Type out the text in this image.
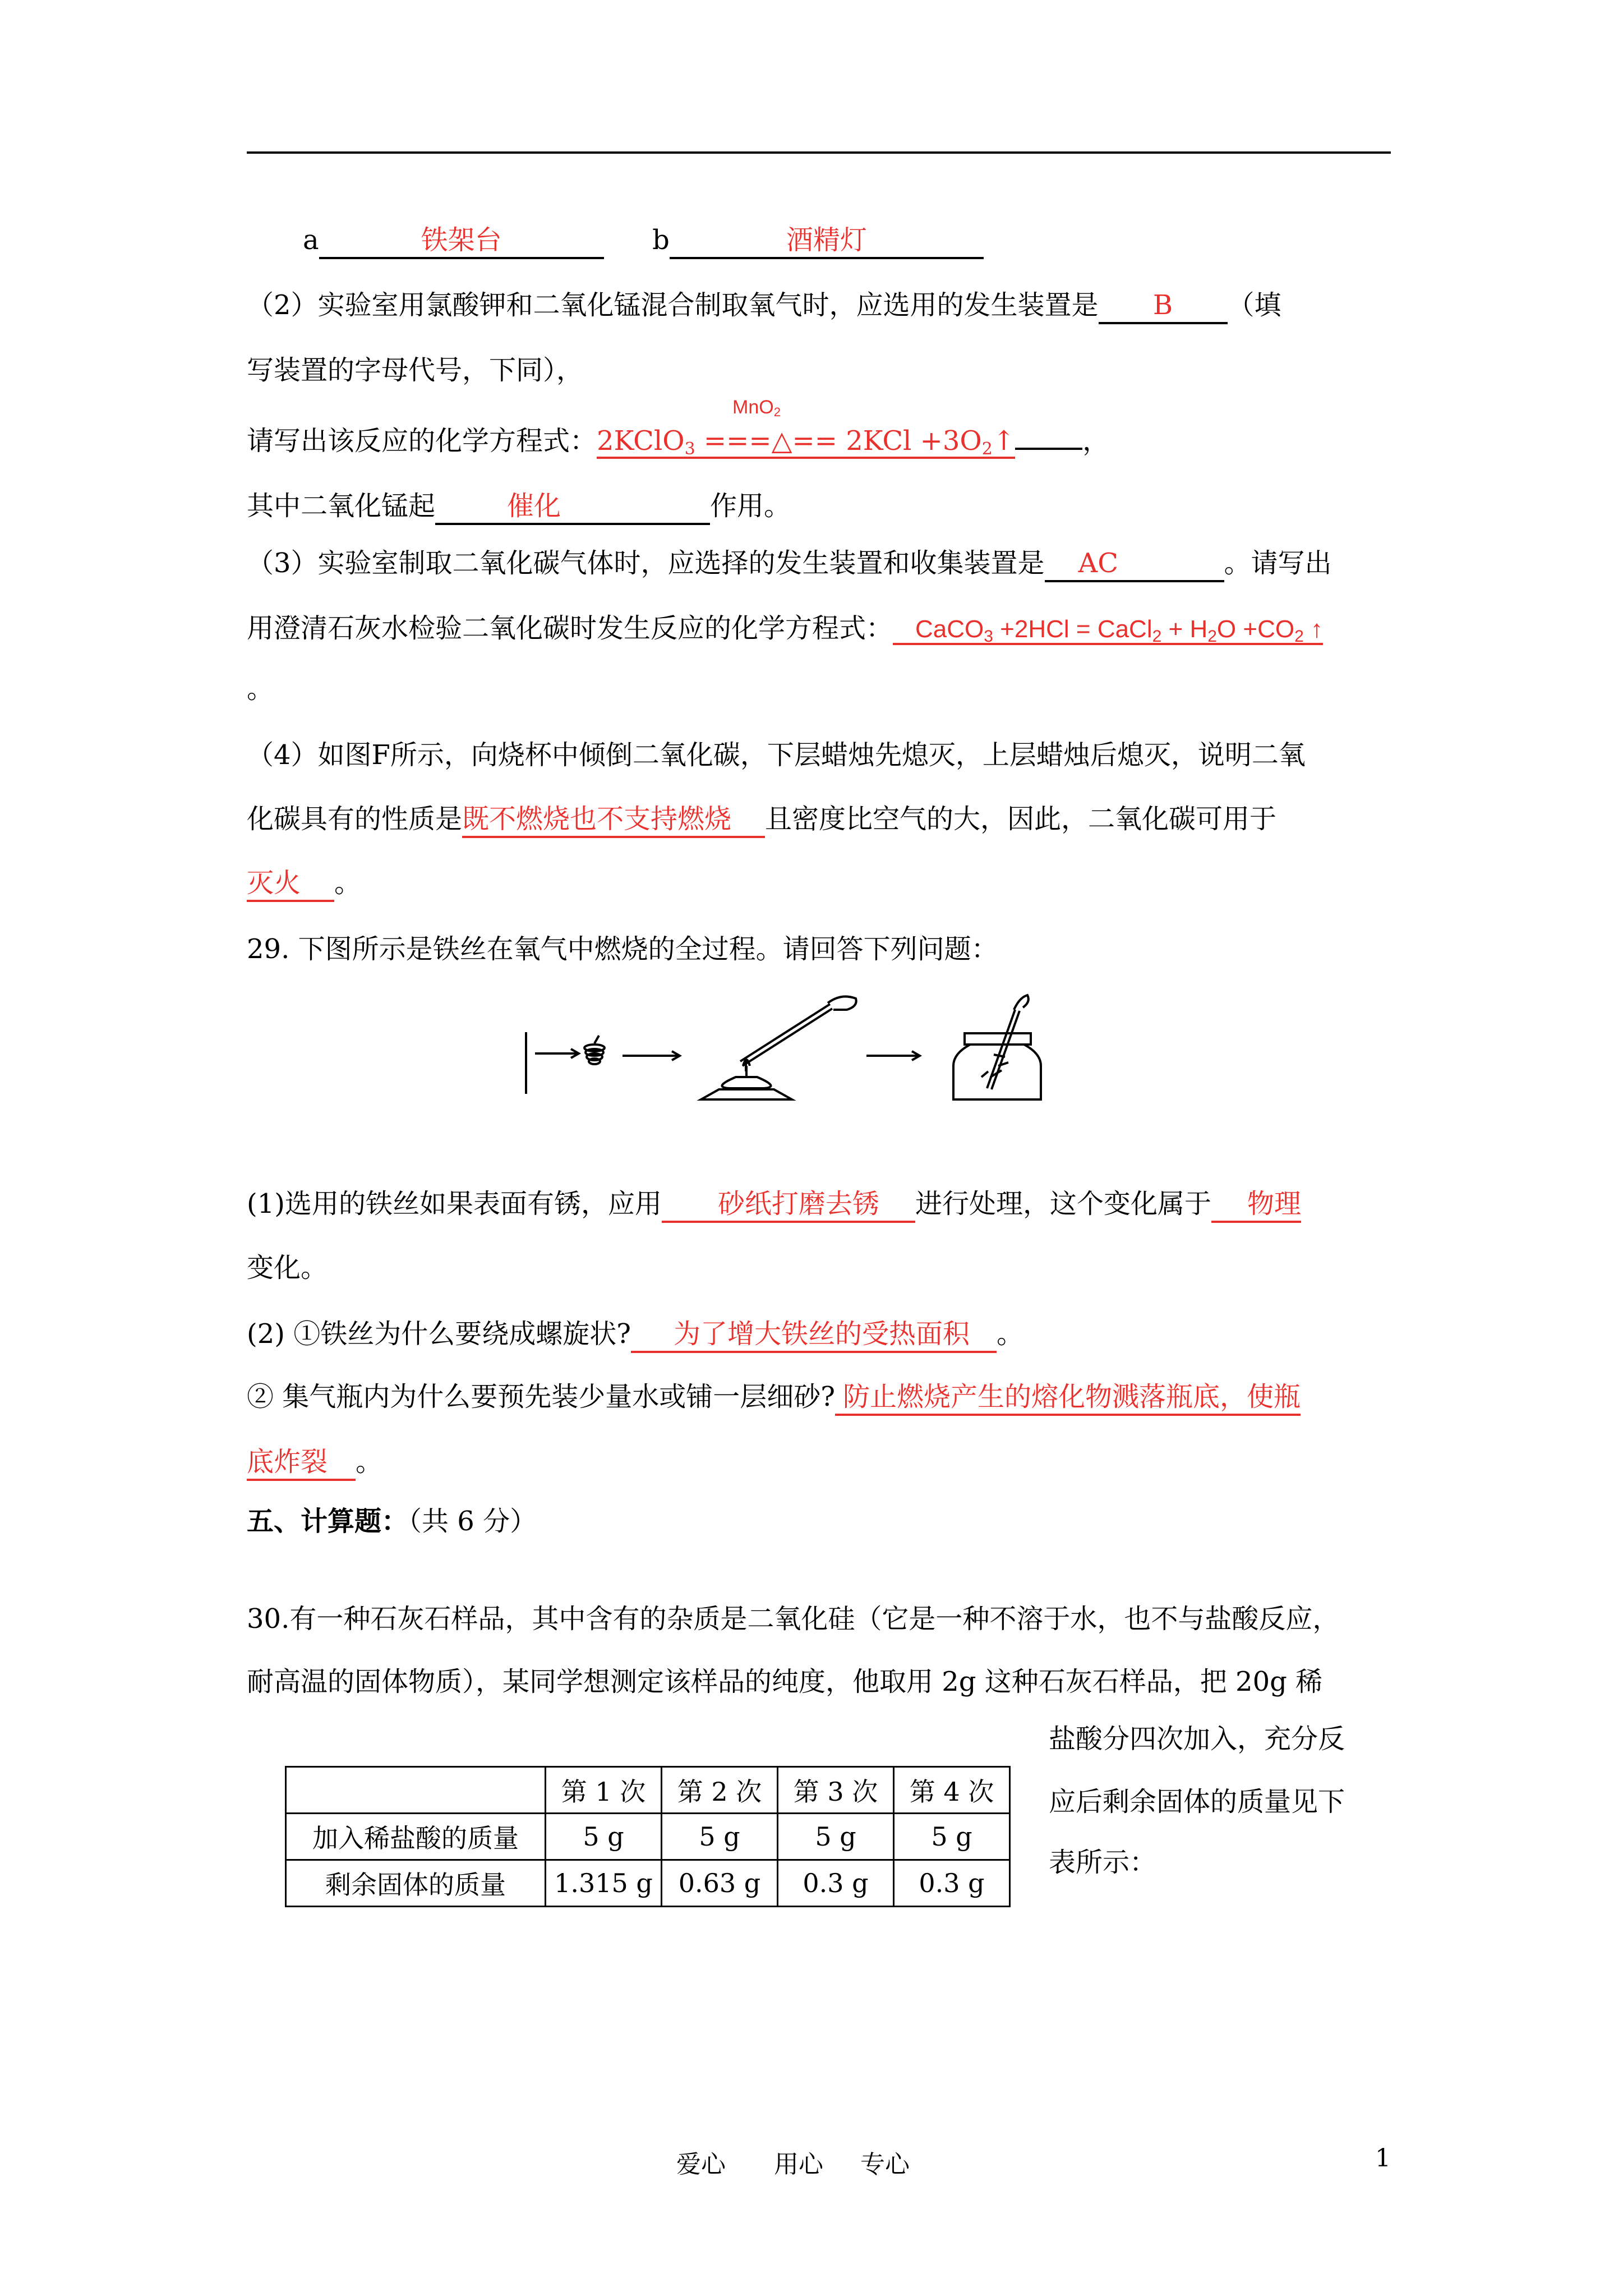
a	铁架台	b	酒精灯
（2）实验室用氯酸钾和二氧化锰混合制取氧气时，应选用的发生装置是 B （填
写装置的字母代号，下同），
MnO$_2$
请写出该反应的化学方程式：2KClO$_3$ ===△== $2KCl +3O_2↑$	，
其中二氧化锰起	催化	作用。
（3）实验室制取二氧化碳气体时，应选择的发生装置和收集装置是 AC	。请写出
用澄清石灰水检验二氧化碳时发生反应的化学方程式： CaCO$_3$ +2HCl = CaCl$_2$ + $H_2O +CO_2$ ↑
。
（4）如图F所示，向烧杯中倾倒二氧化碳，下层蜡烛先熄灭，上层蜡烛后熄灭，说明二氧
化碳具有的性质是既不燃烧也不支持燃烧 且密度比空气的大，因此，二氧化碳可用于
灭火 。
29. 下图所示是铁丝在氧气中燃烧的全过程。请回答下列问题：
(1)选用的铁丝如果表面有锈，应用 砂纸打磨去锈 进行处理，这个变化属于 物理
变化。
(2) ①铁丝为什么要绕成螺旋状? 为了增大铁丝的受热面积 。
② 集气瓶内为什么要预先装少量水或铺一层细砂? 防止燃烧产生的熔化物溅落瓶底，使瓶
底炸裂 。
五、计算题：（共 6 分）
30.有一种石灰石样品，其中含有的杂质是二氧化硅（它是一种不溶于水，也不与盐酸反应，
耐高温的固体物质），某同学想测定该样品的纯度，他取用 2g 这种石灰石样品，把 20g 稀
盐酸分四次加入，充分反
应后剩余固体的质量见下
表所示：
	第 1 次	第 2 次	第 3 次	第 4 次
加入稀盐酸的质量	5 g	5 g	5 g	5 g
剩余固体的质量	1.315 g	0.63 g	0.3 g	0.3 g
爱心 用心 专心	1
